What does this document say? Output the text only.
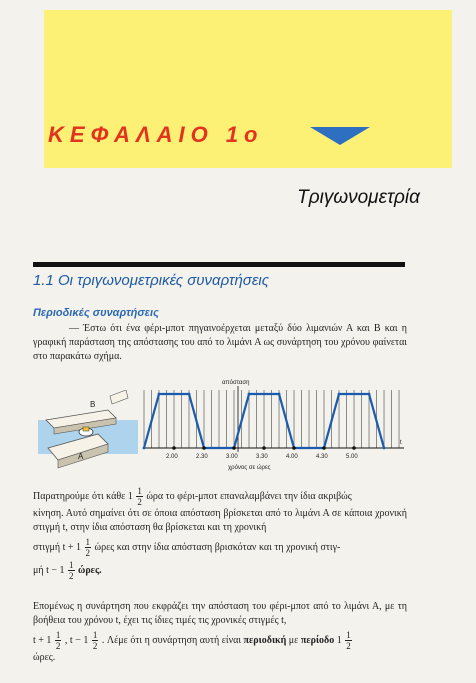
ΚΕΦΑΛΑΙΟ 1ο
Τριγωνομετρία
1.1 Οι τριγωνομετρικές συναρτήσεις
Περιοδικές συναρτήσεις
— Έστω ότι ένα φέρι-μποτ πηγαινοέρχεται μεταξύ δύο λιμανιών Α και Β και η γραφική παράσταση της απόστασης του από το λιμάνι Α ως συνάρτηση του χρόνου φαίνεται στο παρακάτω σχήμα.
Β
Α
απόσταση
t
χρόνος σε ώρες
2.00	2.30	3.00	3.30	4.00	4.30	5.00
Παρατηρούμε ότι κάθε $1 \frac{1}{2}$ ώρα το φέρι-μποτ επαναλαμβάνει την ίδια ακριβώς
κίνηση. Αυτό σημαίνει ότι σε όποια απόσταση βρίσκεται από το λιμάνι Α σε κάποια χρονική στιγμή t, στην ίδια απόσταση θα βρίσκεται και τη χρονική
στιγμή $t + 1 \frac{1}{2}$ ώρες και στην ίδια απόσταση βρισκόταν και τη χρονική στιγ-
μή $t - 1 \frac{1}{2} ώ\rho\varepsilon\varsigma$.
Επομένως η συνάρτηση που εκφράζει την απόσταση του φέρι-μποτ από το λιμάνι Α, με τη βοήθεια του χρόνου t, έχει τις ίδιες τιμές τις χρονικές στιγμές t,
$t + 1 \frac{1}{2}$ , $t - 1 \frac{1}{2}$ . Λέμε ότι η συνάρτηση αυτή είναι περιοδική με περίοδο $1 \frac{1}{2}$
ώρες.
